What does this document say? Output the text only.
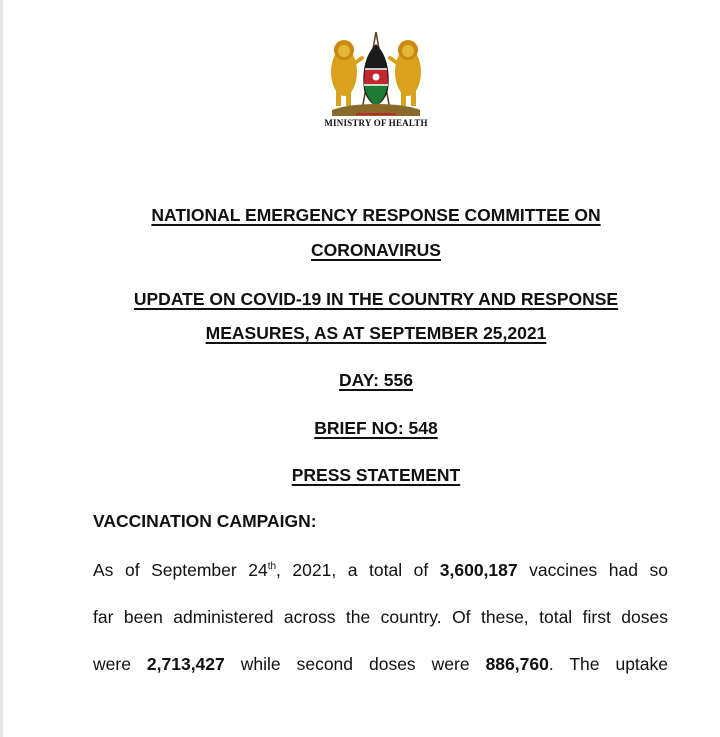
MINISTRY OF HEALTH
NATIONAL EMERGENCY RESPONSE COMMITTEE ON
CORONAVIRUS
UPDATE ON COVID-19 IN THE COUNTRY AND RESPONSE
MEASURES, AS AT SEPTEMBER 25,2021
DAY: 556
BRIEF NO: 548
PRESS STATEMENT
VACCINATION CAMPAIGN:
As of September 24th, 2021, a total of 3,600,187 vaccines had so
far been administered across the country. Of these, total first doses
were 2,713,427 while second doses were 886,760. The uptake
